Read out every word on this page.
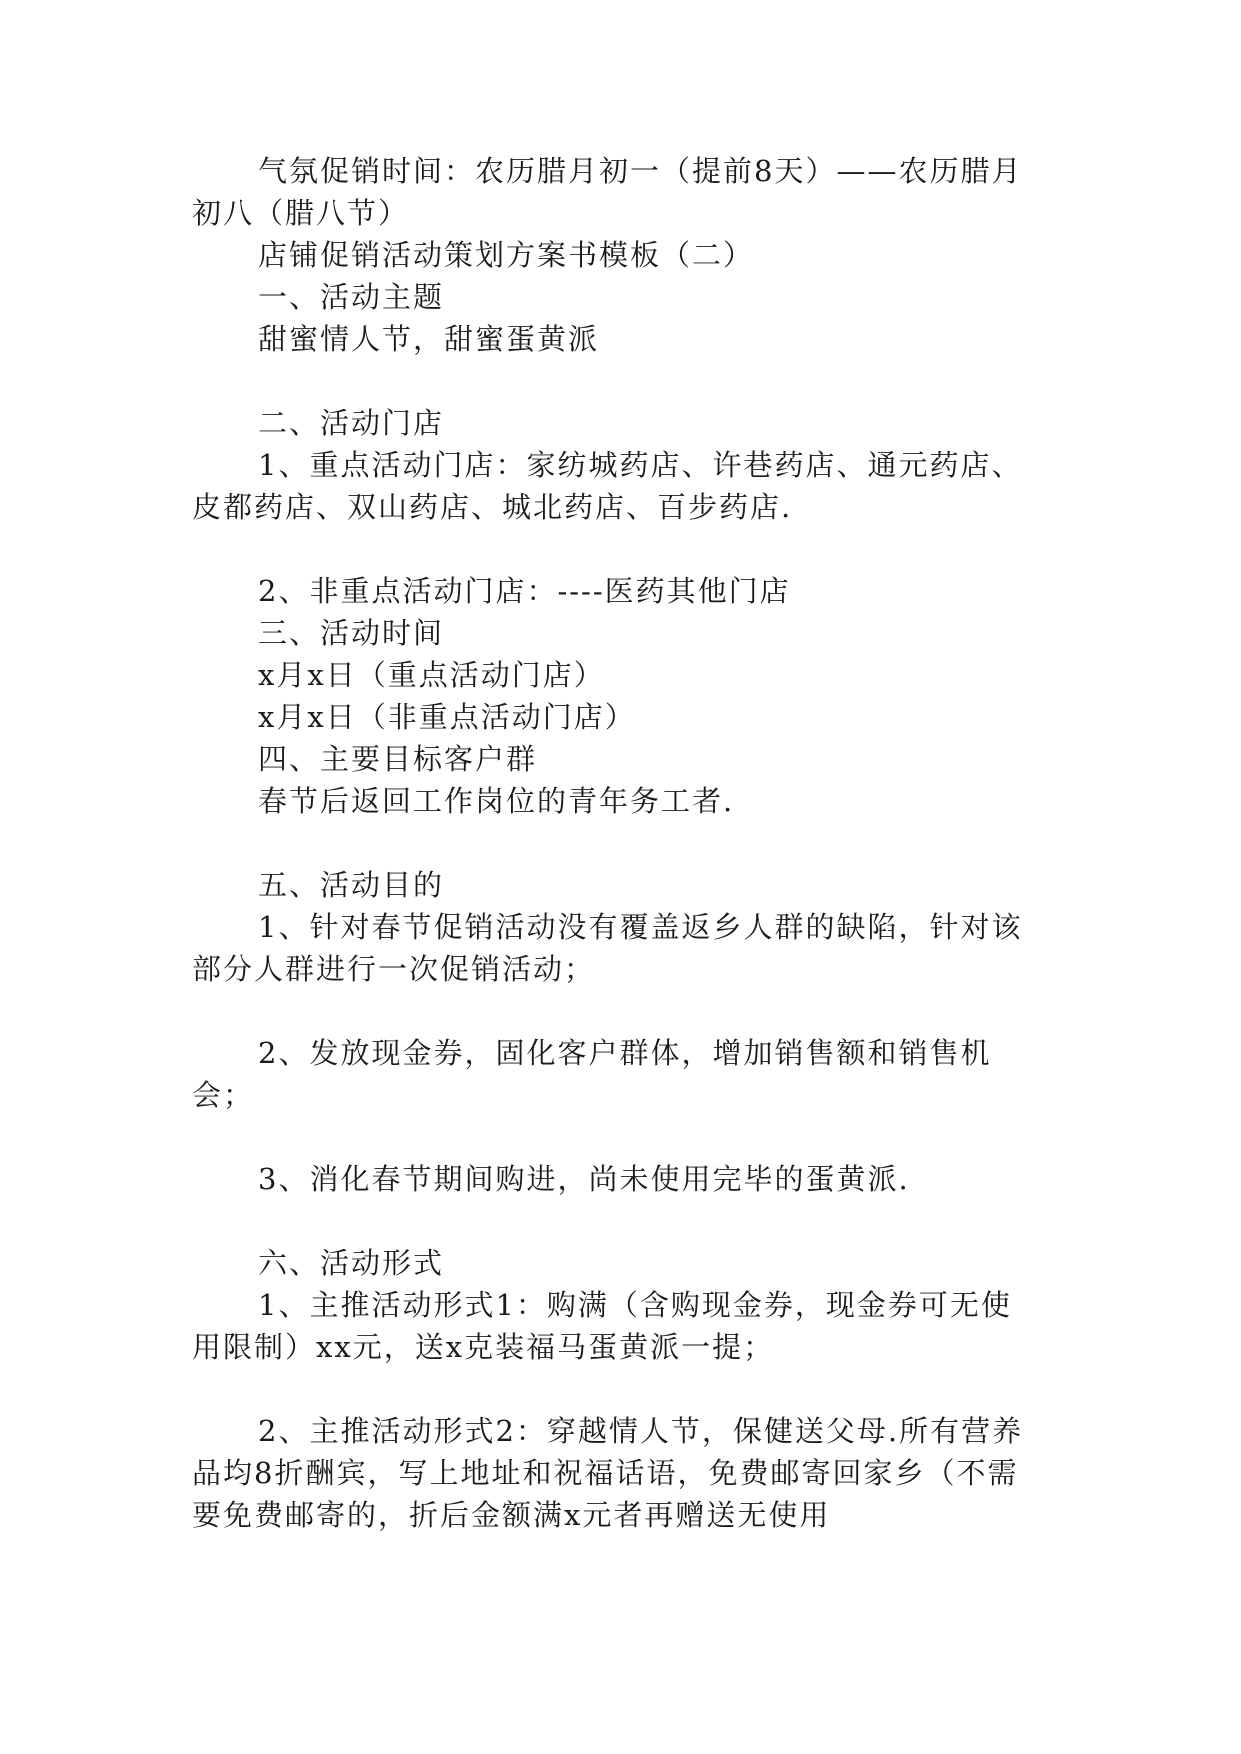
气氛促销时间：农历腊月初一（提前8天）——农历腊月初八（腊八节）

店铺促销活动策划方案书模板（二）

一、活动主题

甜蜜情人节，甜蜜蛋黄派

二、活动门店

1、重点活动门店：家纺城药店、许巷药店、通元药店、皮都药店、双山药店、城北药店、百步药店.

2、非重点活动门店：----医药其他门店

三、活动时间

x月x日（重点活动门店）

x月x日（非重点活动门店）

四、主要目标客户群

春节后返回工作岗位的青年务工者.

五、活动目的

1、针对春节促销活动没有覆盖返乡人群的缺陷，针对该部分人群进行一次促销活动；

2、发放现金券，固化客户群体，增加销售额和销售机会；

3、消化春节期间购进，尚未使用完毕的蛋黄派.

六、活动形式

1、主推活动形式1：购满（含购现金券，现金券可无使用限制）xx元，送x克装福马蛋黄派一提；

2、主推活动形式2：穿越情人节，保健送父母.所有营养品均8折酬宾，写上地址和祝福话语，免费邮寄回家乡（不需要免费邮寄的，折后金额满x元者再赠送无使用
